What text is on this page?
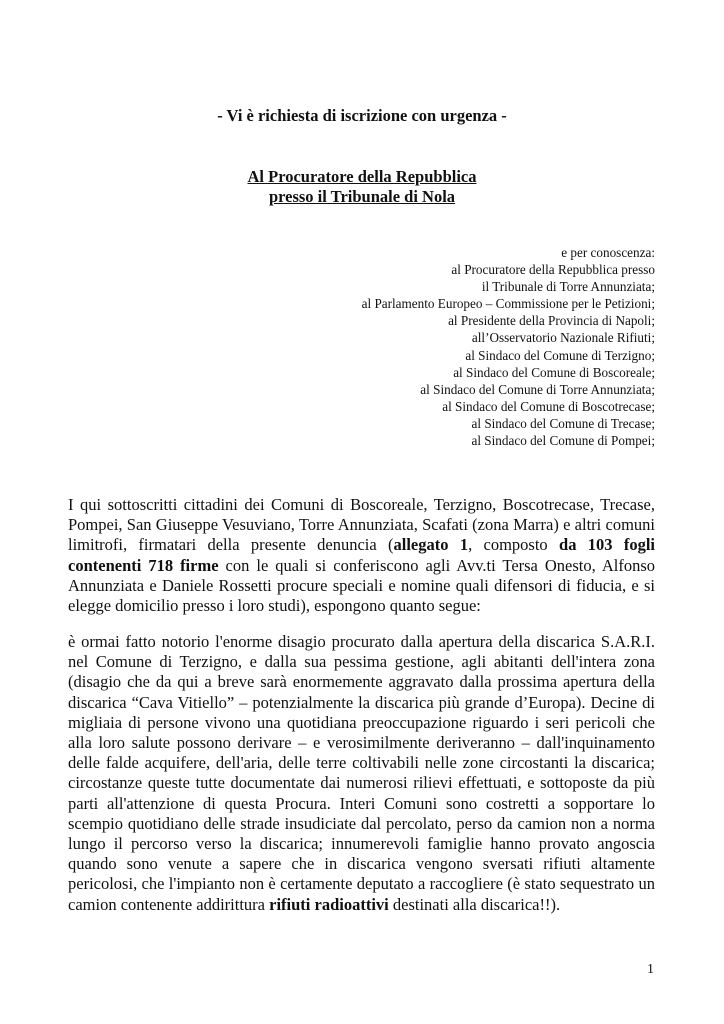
- Vi è richiesta di iscrizione con urgenza -
Al Procuratore della Repubblica
presso il Tribunale di Nola
e per conoscenza:
al Procuratore della Repubblica presso
il Tribunale di Torre Annunziata;
al Parlamento Europeo – Commissione per le Petizioni;
al Presidente della Provincia di Napoli;
all’Osservatorio Nazionale Rifiuti;
al Sindaco del Comune di Terzigno;
al Sindaco del Comune di Boscoreale;
al Sindaco del Comune di Torre Annunziata;
al Sindaco del Comune di Boscotrecase;
al Sindaco del Comune di Trecase;
al Sindaco del Comune di Pompei;

I qui sottoscritti cittadini dei Comuni di Boscoreale, Terzigno, Boscotrecase, Trecase, Pompei, San Giuseppe Vesuviano, Torre Annunziata, Scafati (zona Marra) e altri comuni limitrofi, firmatari della presente denuncia (allegato 1, composto da 103 fogli contenenti 718 firme con le quali si conferiscono agli Avv.ti Tersa Onesto, Alfonso Annunziata e Daniele Rossetti procure speciali e nomine quali difensori di fiducia, e si elegge domicilio presso i loro studi), espongono quanto segue:

è ormai fatto notorio l'enorme disagio procurato dalla apertura della discarica S.A.R.I. nel Comune di Terzigno, e dalla sua pessima gestione, agli abitanti dell'intera zona (disagio che da qui a breve sarà enormemente aggravato dalla prossima apertura della discarica “Cava Vitiello” – potenzialmente la discarica più grande d’Europa). Decine di migliaia di persone vivono una quotidiana preoccupazione riguardo i seri pericoli che alla loro salute possono derivare – e verosimilmente deriveranno – dall'inquinamento delle falde acquifere, dell'aria, delle terre coltivabili nelle zone circostanti la discarica; circostanze queste tutte documentate dai numerosi rilievi effettuati, e sottoposte da più parti all'attenzione di questa Procura. Interi Comuni sono costretti a sopportare lo scempio quotidiano delle strade insudiciate dal percolato, perso da camion non a norma lungo il percorso verso la discarica; innumerevoli famiglie hanno provato angoscia quando sono venute a sapere che in discarica vengono sversati rifiuti altamente pericolosi, che l'impianto non è certamente deputato a raccogliere (è stato sequestrato un camion contenente addirittura rifiuti radioattivi destinati alla discarica!!).

1
